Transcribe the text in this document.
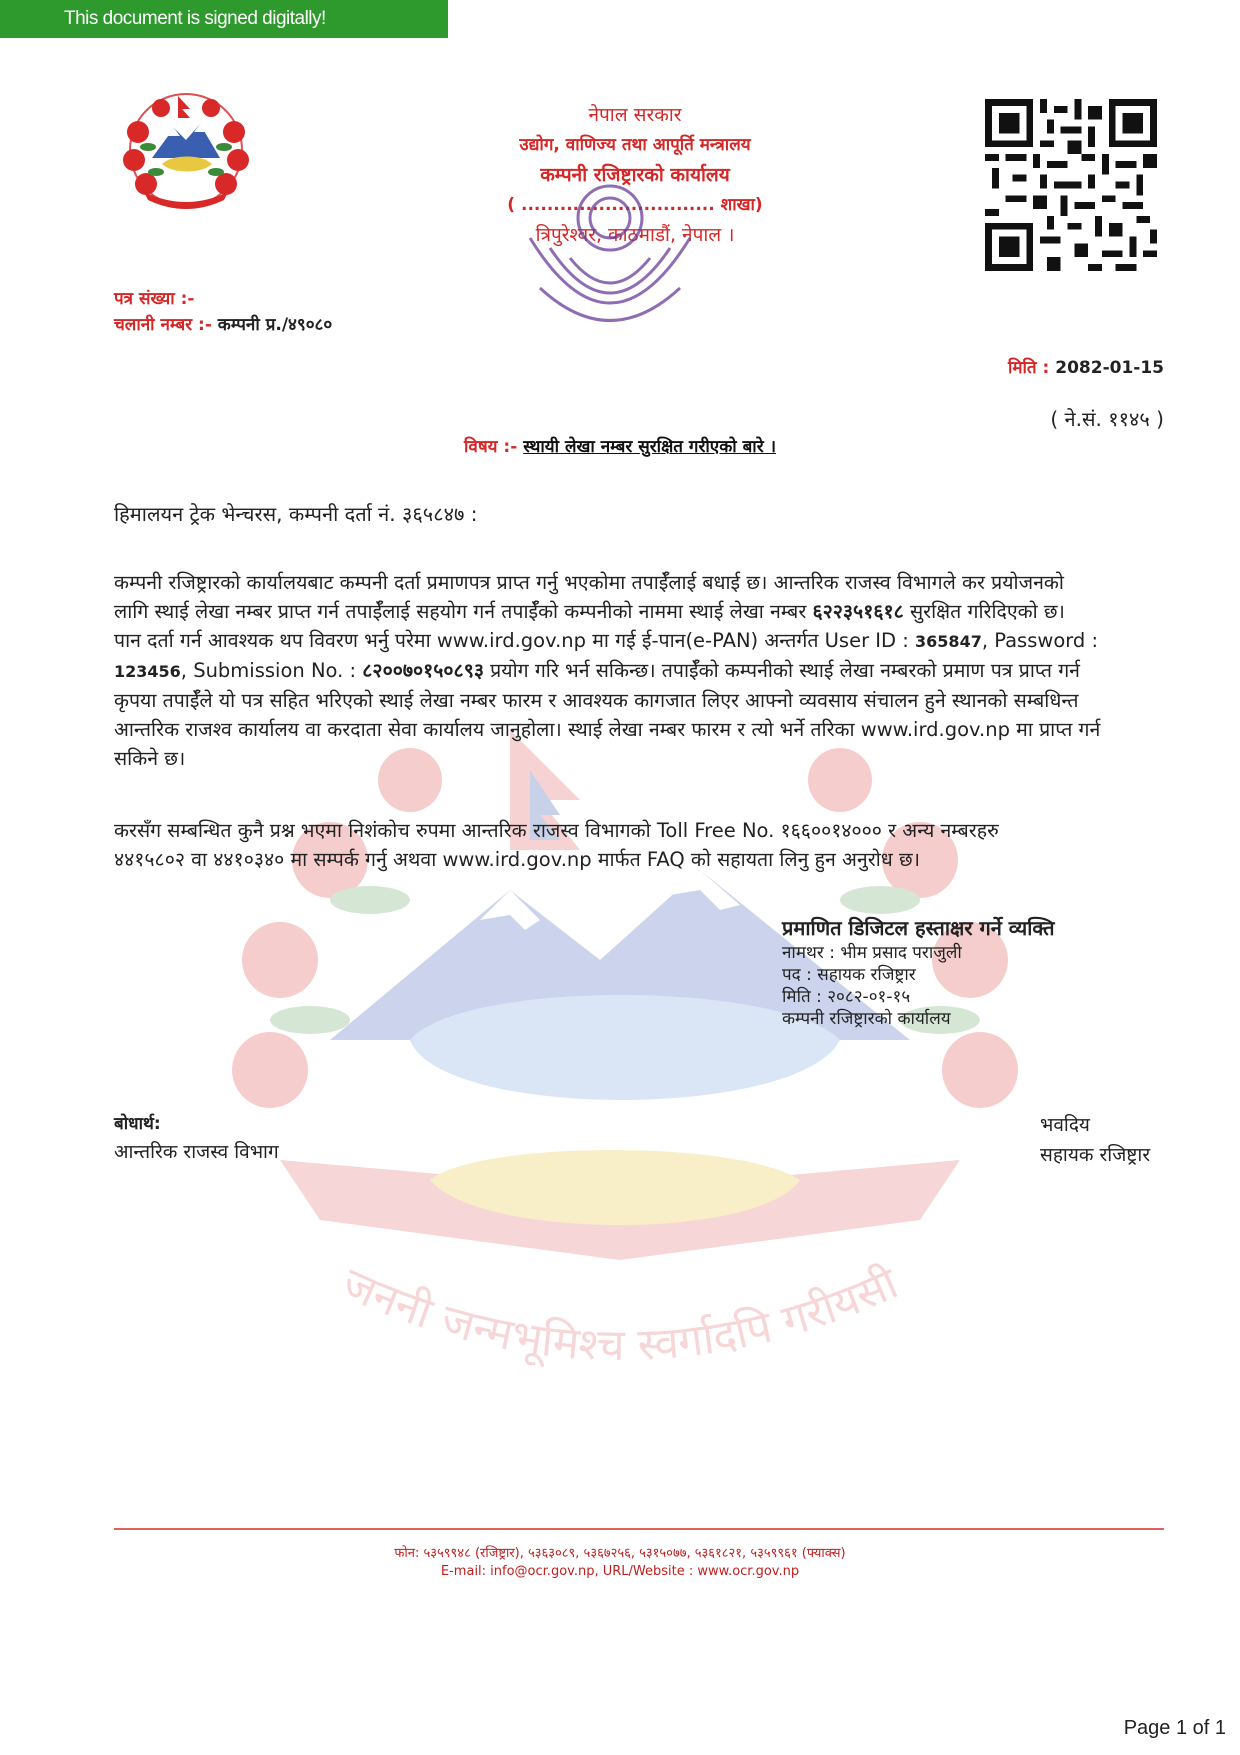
जननी जन्मभूमिश्च स्वर्गादपि गरीयसी
This document is signed digitally!
नेपाल सरकार
उद्योग, वाणिज्य तथा आपूर्ति मन्त्रालय
कम्पनी रजिष्ट्रारको कार्यालय
( .............................. शाखा)
त्रिपुरेश्वर, काठमाडौं, नेपाल ।
पत्र संख्या :-
चलानी नम्बर :- कम्पनी प्र./४९०८०
मिति : 2082-01-15
( ने.सं. ११४५ )
विषय :- स्थायी लेखा नम्बर सुरक्षित गरीएको बारे ।
हिमालयन ट्रेक भेन्चरस, कम्पनी दर्ता नं. ३६५८४७ :
कम्पनी रजिष्ट्रारको कार्यालयबाट कम्पनी दर्ता प्रमाणपत्र प्राप्त गर्नु भएकोमा तपाईँलाई बधाई छ। आन्तरिक राजस्व विभागले कर प्रयोजनको
लागि स्थाई लेखा नम्बर प्राप्त गर्न तपाईँलाई सहयोग गर्न तपाईँको कम्पनीको नाममा स्थाई लेखा नम्बर ६२२३५१६१८ सुरक्षित गरिदिएको छ।
पान दर्ता गर्न आवश्यक थप विवरण भर्नु परेमा www.ird.gov.np मा गई ई-पान(e-PAN) अन्तर्गत User ID : 365847, Password :
123456, Submission No. : ८२००७०१५०८९३ प्रयोग गरि भर्न सकिन्छ। तपाईँको कम्पनीको स्थाई लेखा नम्बरको प्रमाण पत्र प्राप्त गर्न
कृपया तपाईँले यो पत्र सहित भरिएको स्थाई लेखा नम्बर फारम र आवश्यक कागजात लिएर आफ्नो व्यवसाय संचालन हुने स्थानको सम्बधिन्त
आन्तरिक राजश्व कार्यालय वा करदाता सेवा कार्यालय जानुहोला। स्थाई लेखा नम्बर फारम र त्यो भर्ने तरिका www.ird.gov.np मा प्राप्त गर्न
सकिने छ।
करसँग सम्बन्धित कुनै प्रश्न भएमा निशंकोच रुपमा आन्तरिक राजस्व विभागको Toll Free No. १६६००१४००० र अन्य नम्बरहरु
४४१५८०२ वा ४४१०३४० मा सम्पर्क गर्नु अथवा www.ird.gov.np मार्फत FAQ को सहायता लिनु हुन अनुरोध छ।
प्रमाणित डिजिटल हस्ताक्षर गर्ने व्यक्ति
नामथर : भीम प्रसाद पराजुली
पद : सहायक रजिष्ट्रार
मिति : २०८२-०१-१५
कम्पनी रजिष्ट्रारको कार्यालय
बोधार्थ:
आन्तरिक राजस्व विभाग
भवदिय
सहायक रजिष्ट्रार
फोन: ५३५९९४८ (रजिष्ट्रार), ५३६३०८९, ५३६७२५६, ५३१५०७७, ५३६१८२१, ५३५९९६१ (फ्याक्स)
E-mail: info@ocr.gov.np, URL/Website : www.ocr.gov.np
Page 1 of 1
